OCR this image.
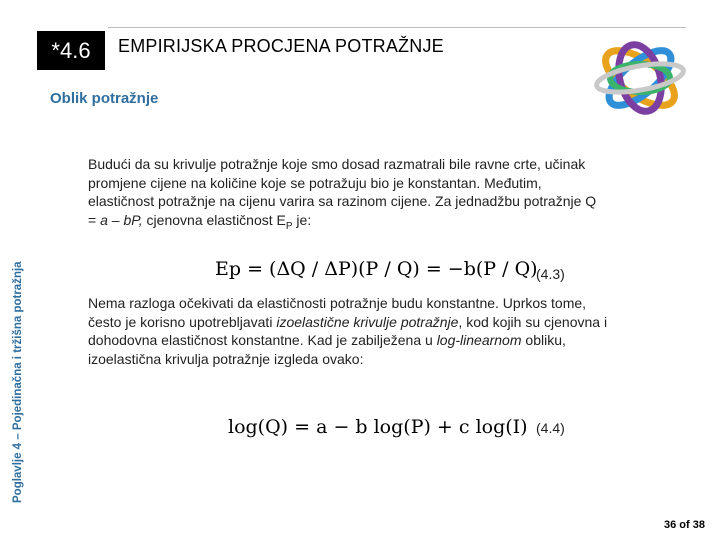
*4.6	EMPIRIJSKA PROCJENA POTRAŽNJE
Oblik potražnje
Poglavlje 4 – Pojedinačna i tržišna potražnja
Budući da su krivulje potražnje koje smo dosad razmatrali bile ravne crte, učinak promjene cijene na količine koje se potražuju bio je konstantan. Međutim, elastičnost potražnje na cijenu varira sa razinom cijene. Za jednadžbu potražnje Q = a – bP, cjenovna elastičnost $E_P$ je:
Ep = (ΔQ / ΔP)(P / Q) = −b(P / Q)
(4.3)
Nema razloga očekivati da elastičnosti potražnje budu konstantne. Uprkos tome, često je korisno upotrebljavati izoelastične krivulje potražnje, kod kojih su cjenovna i dohodovna elastičnost konstantne. Kad je zabilježena u log-linearnom obliku, izoelastična krivulja potražnje izgleda ovako:
log(Q) = a − b log(P) + c log(I) (4.4)
36 of 38
